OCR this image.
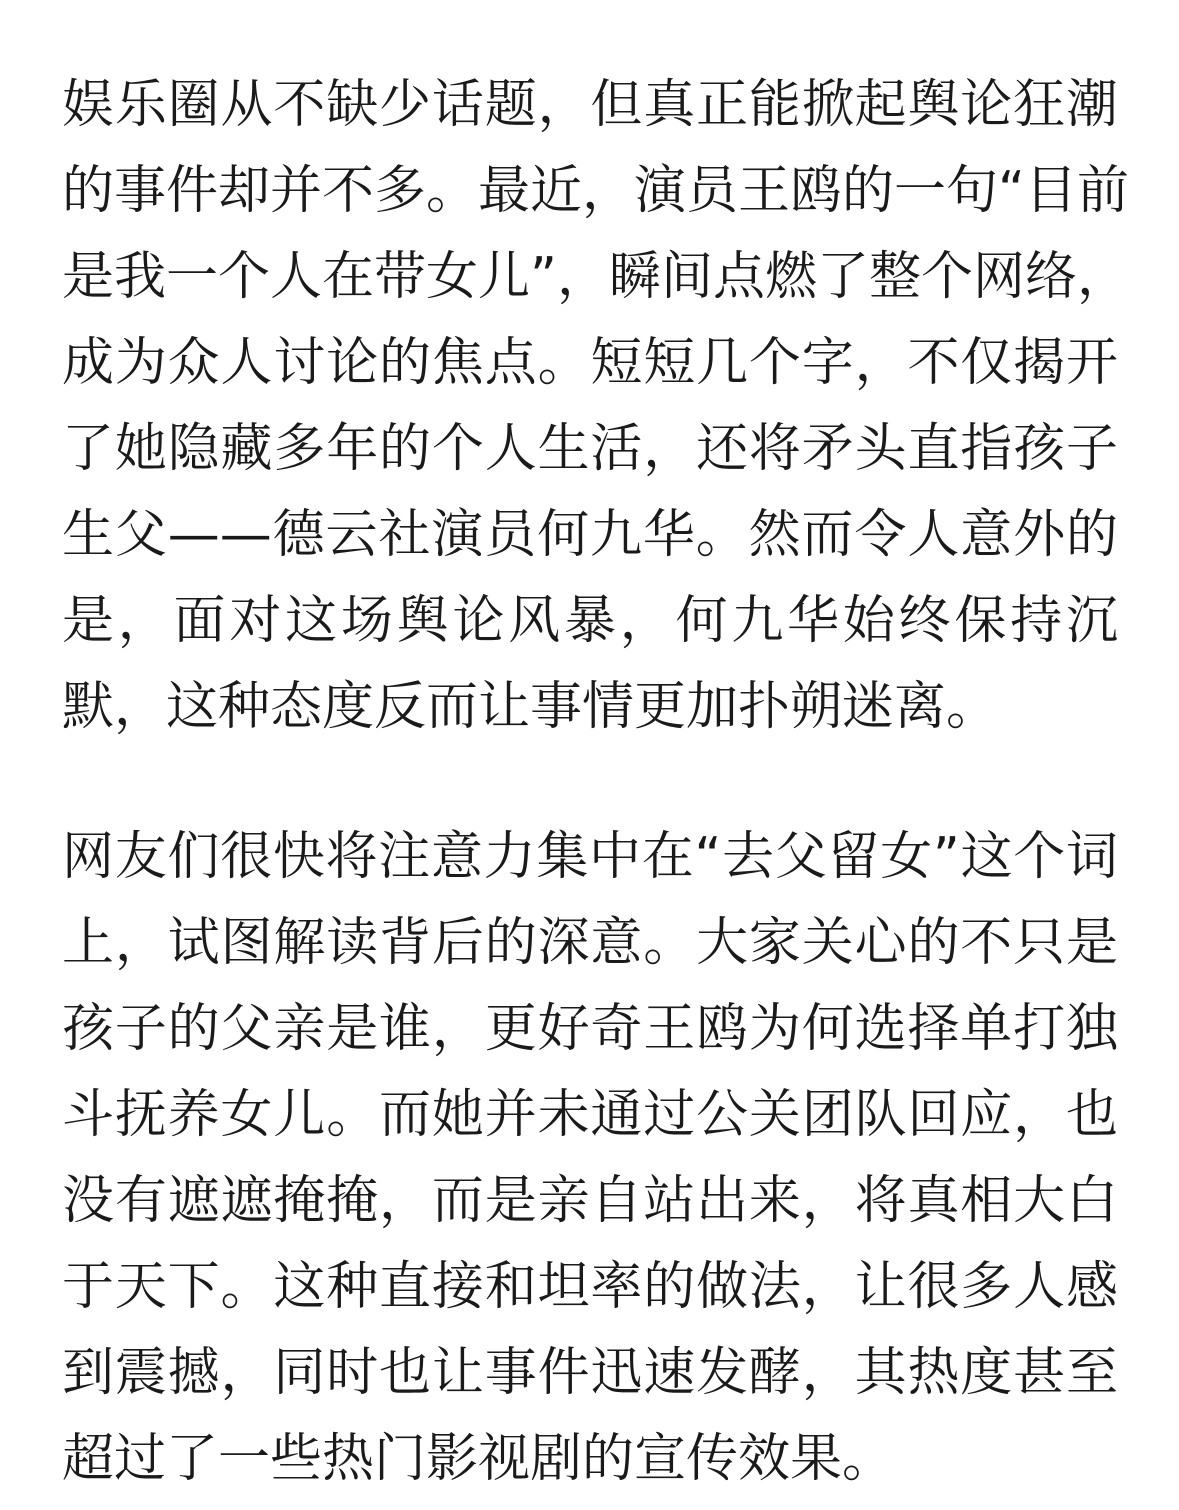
娱乐圈从不缺少话题，但真正能掀起舆论狂潮
的事件却并不多。最近，演员王鸥的一句“目前
是我一个人在带女儿”，瞬间点燃了整个网络，
成为众人讨论的焦点。短短几个字，不仅揭开
了她隐藏多年的个人生活，还将矛头直指孩子
生父——德云社演员何九华。然而令人意外的
是，面对这场舆论风暴，何九华始终保持沉
默，这种态度反而让事情更加扑朔迷离。
网友们很快将注意力集中在“去父留女”这个词
上，试图解读背后的深意。大家关心的不只是
孩子的父亲是谁，更好奇王鸥为何选择单打独
斗抚养女儿。而她并未通过公关团队回应，也
没有遮遮掩掩，而是亲自站出来，将真相大白
于天下。这种直接和坦率的做法，让很多人感
到震撼，同时也让事件迅速发酵，其热度甚至
超过了一些热门影视剧的宣传效果。
